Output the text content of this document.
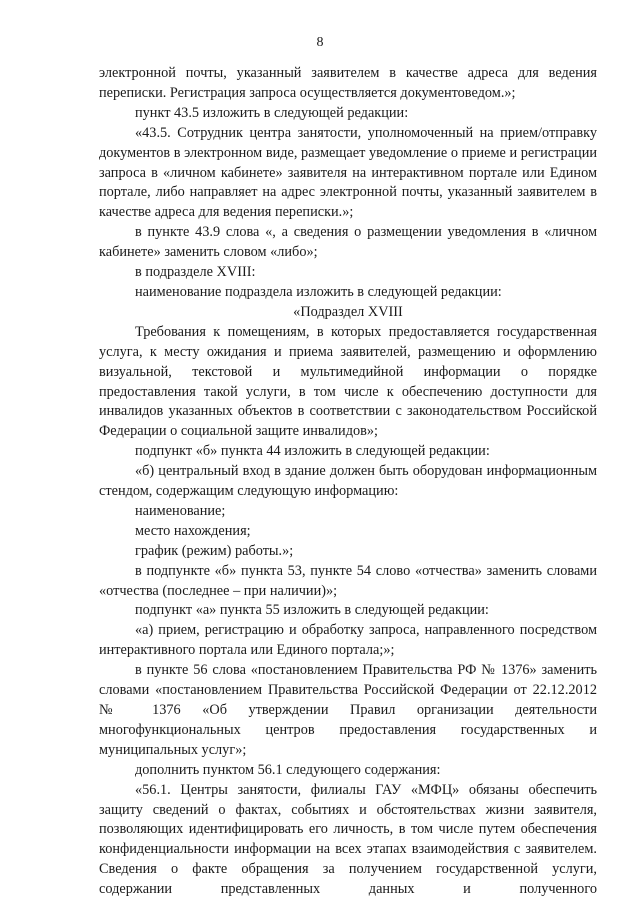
8

электронной почты, указанный заявителем в качестве адреса для ведения переписки. Регистрация запроса осуществляется документоведом.»;

пункт 43.5 изложить в следующей редакции:

«43.5. Сотрудник центра занятости, уполномоченный на прием/отправку документов в электронном виде, размещает уведомление о приеме и регистрации запроса в «личном кабинете» заявителя на интерактивном портале или Едином портале, либо направляет на адрес электронной почты, указанный заявителем в качестве адреса для ведения переписки.»;

в пункте 43.9 слова «, а сведения о размещении уведомления в «личном кабинете» заменить словом «либо»;

в подразделе XVIII:

наименование подраздела изложить в следующей редакции:

«Подраздел XVIII

Требования к помещениям, в которых предоставляется государственная услуга, к месту ожидания и приема заявителей, размещению и оформлению визуальной, текстовой и мультимедийной информации о порядке предоставления такой услуги, в том числе к обеспечению доступности для инвалидов указанных объектов в соответствии с законодательством Российской Федерации о социальной защите инвалидов»;

подпункт «б» пункта 44 изложить в следующей редакции:

«б) центральный вход в здание должен быть оборудован информационным стендом, содержащим следующую информацию:

наименование;

место нахождения;

график (режим) работы.»;

в подпункте «б» пункта 53, пункте 54 слово «отчества» заменить словами «отчества (последнее – при наличии)»;

подпункт «а» пункта 55 изложить в следующей редакции:

«а) прием, регистрацию и обработку запроса, направленного посредством интерактивного портала или Единого портала;»;

в пункте 56 слова «постановлением Правительства РФ № 1376» заменить словами «постановлением Правительства Российской Федерации от 22.12.2012 № 1376 «Об утверждении Правил организации деятельности многофункциональных центров предоставления государственных и муниципальных услуг»;

дополнить пунктом 56.1 следующего содержания:

«56.1. Центры занятости, филиалы ГАУ «МФЦ» обязаны обеспечить защиту сведений о фактах, событиях и обстоятельствах жизни заявителя, позволяющих идентифицировать его личность, в том числе путем обеспечения конфиденциальности информации на всех этапах взаимодействия с заявителем. Сведения о факте обращения за получением государственной услуги, содержании представленных данных и полученного
